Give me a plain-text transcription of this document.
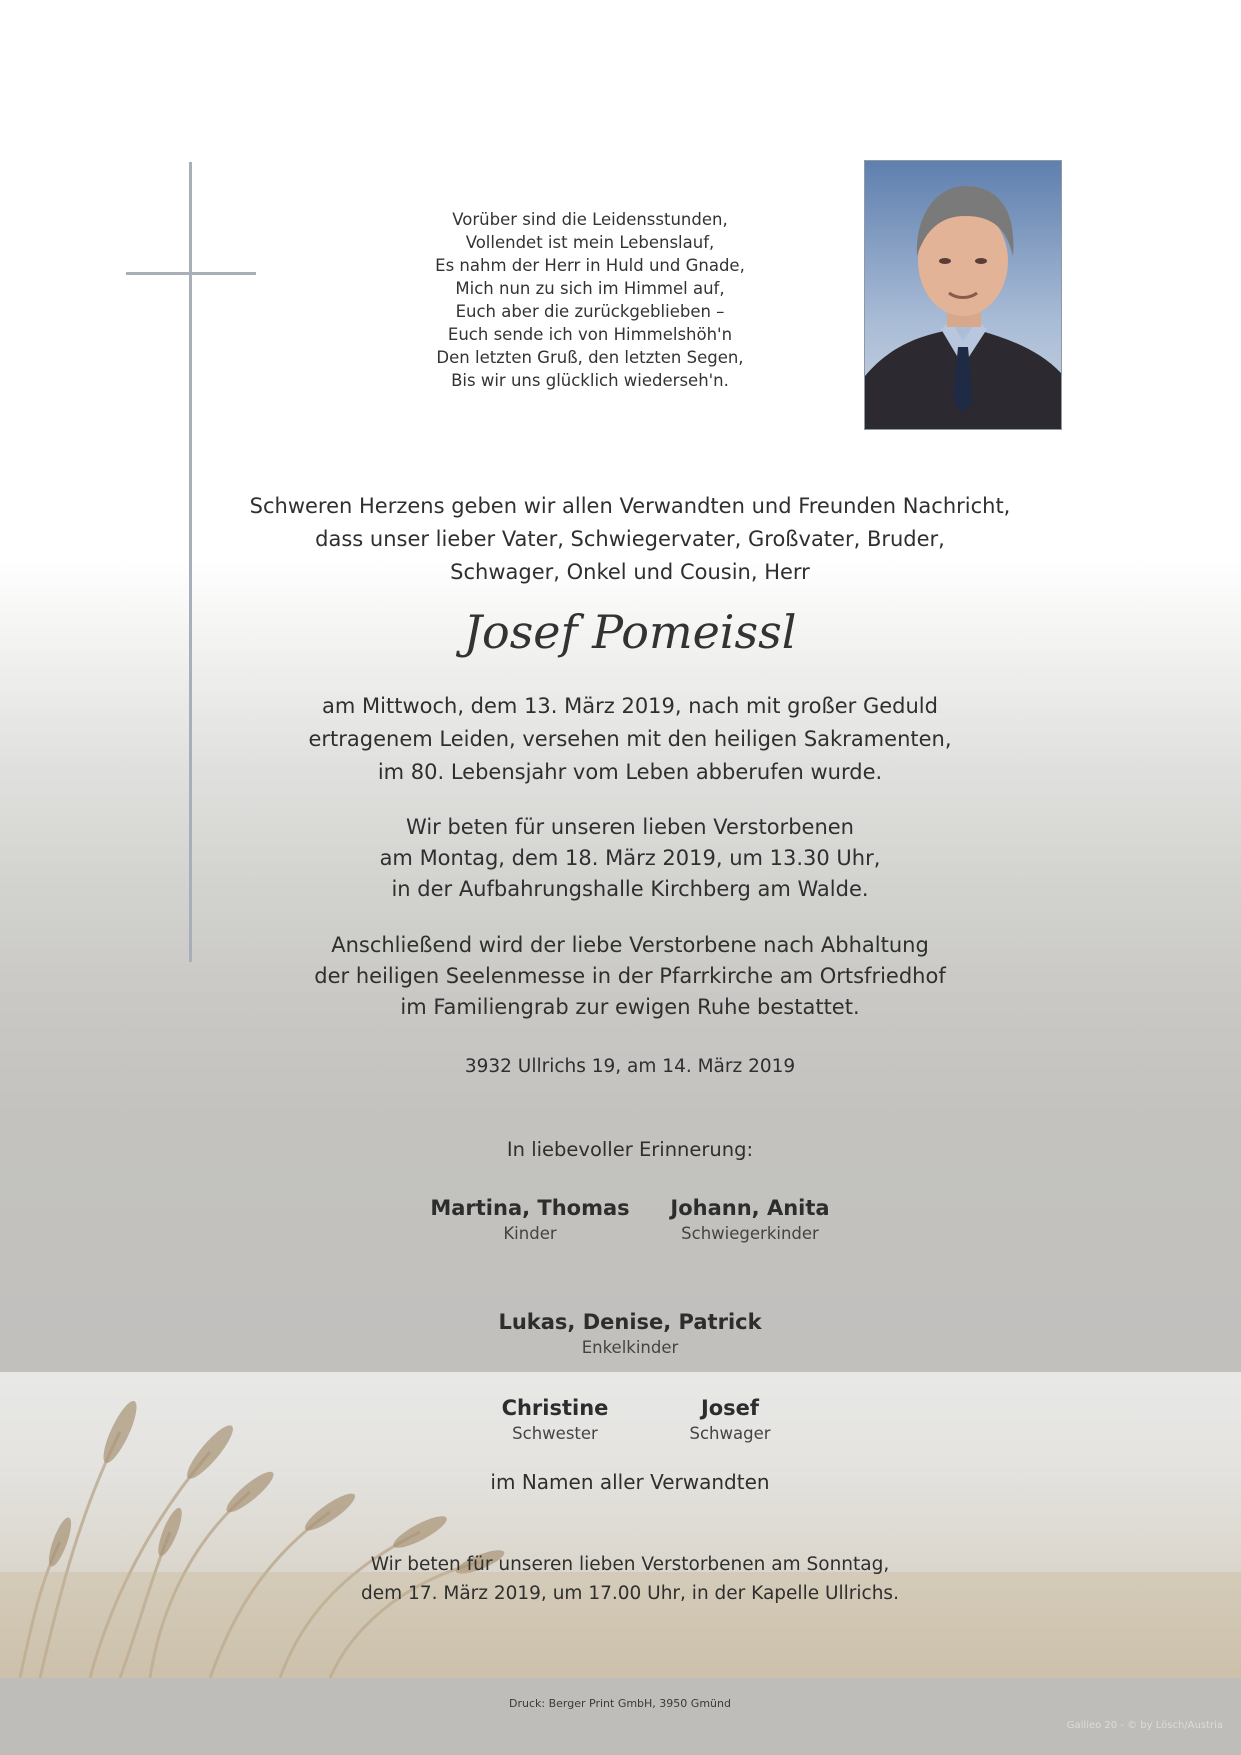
Vorüber sind die Leidensstunden,
Vollendet ist mein Lebenslauf,
Es nahm der Herr in Huld und Gnade,
Mich nun zu sich im Himmel auf,
Euch aber die zurückgeblieben –
Euch sende ich von Himmelshöh'n
Den letzten Gruß, den letzten Segen,
Bis wir uns glücklich wiederseh'n.
Schweren Herzens geben wir allen Verwandten und Freunden Nachricht,
dass unser lieber Vater, Schwiegervater, Großvater, Bruder,
Schwager, Onkel und Cousin, Herr
Josef Pomeissl
am Mittwoch, dem 13. März 2019, nach mit großer Geduld
ertragenem Leiden, versehen mit den heiligen Sakramenten,
im 80. Lebensjahr vom Leben abberufen wurde.
Wir beten für unseren lieben Verstorbenen
am Montag, dem 18. März 2019, um 13.30 Uhr,
in der Aufbahrungshalle Kirchberg am Walde.
Anschließend wird der liebe Verstorbene nach Abhaltung
der heiligen Seelenmesse in der Pfarrkirche am Ortsfriedhof
im Familiengrab zur ewigen Ruhe bestattet.
3932 Ullrichs 19, am 14. März 2019
In liebevoller Erinnerung:
Martina, Thomas
Kinder
Johann, Anita
Schwiegerkinder
Lukas, Denise, Patrick
Enkelkinder
Christine
Schwester
Josef
Schwager
im Namen aller Verwandten
Wir beten für unseren lieben Verstorbenen am Sonntag,
dem 17. März 2019, um 17.00 Uhr, in der Kapelle Ullrichs.
Druck: Berger Print GmbH, 3950 Gmünd
Gallieo 20 - © by Lösch/Austria
